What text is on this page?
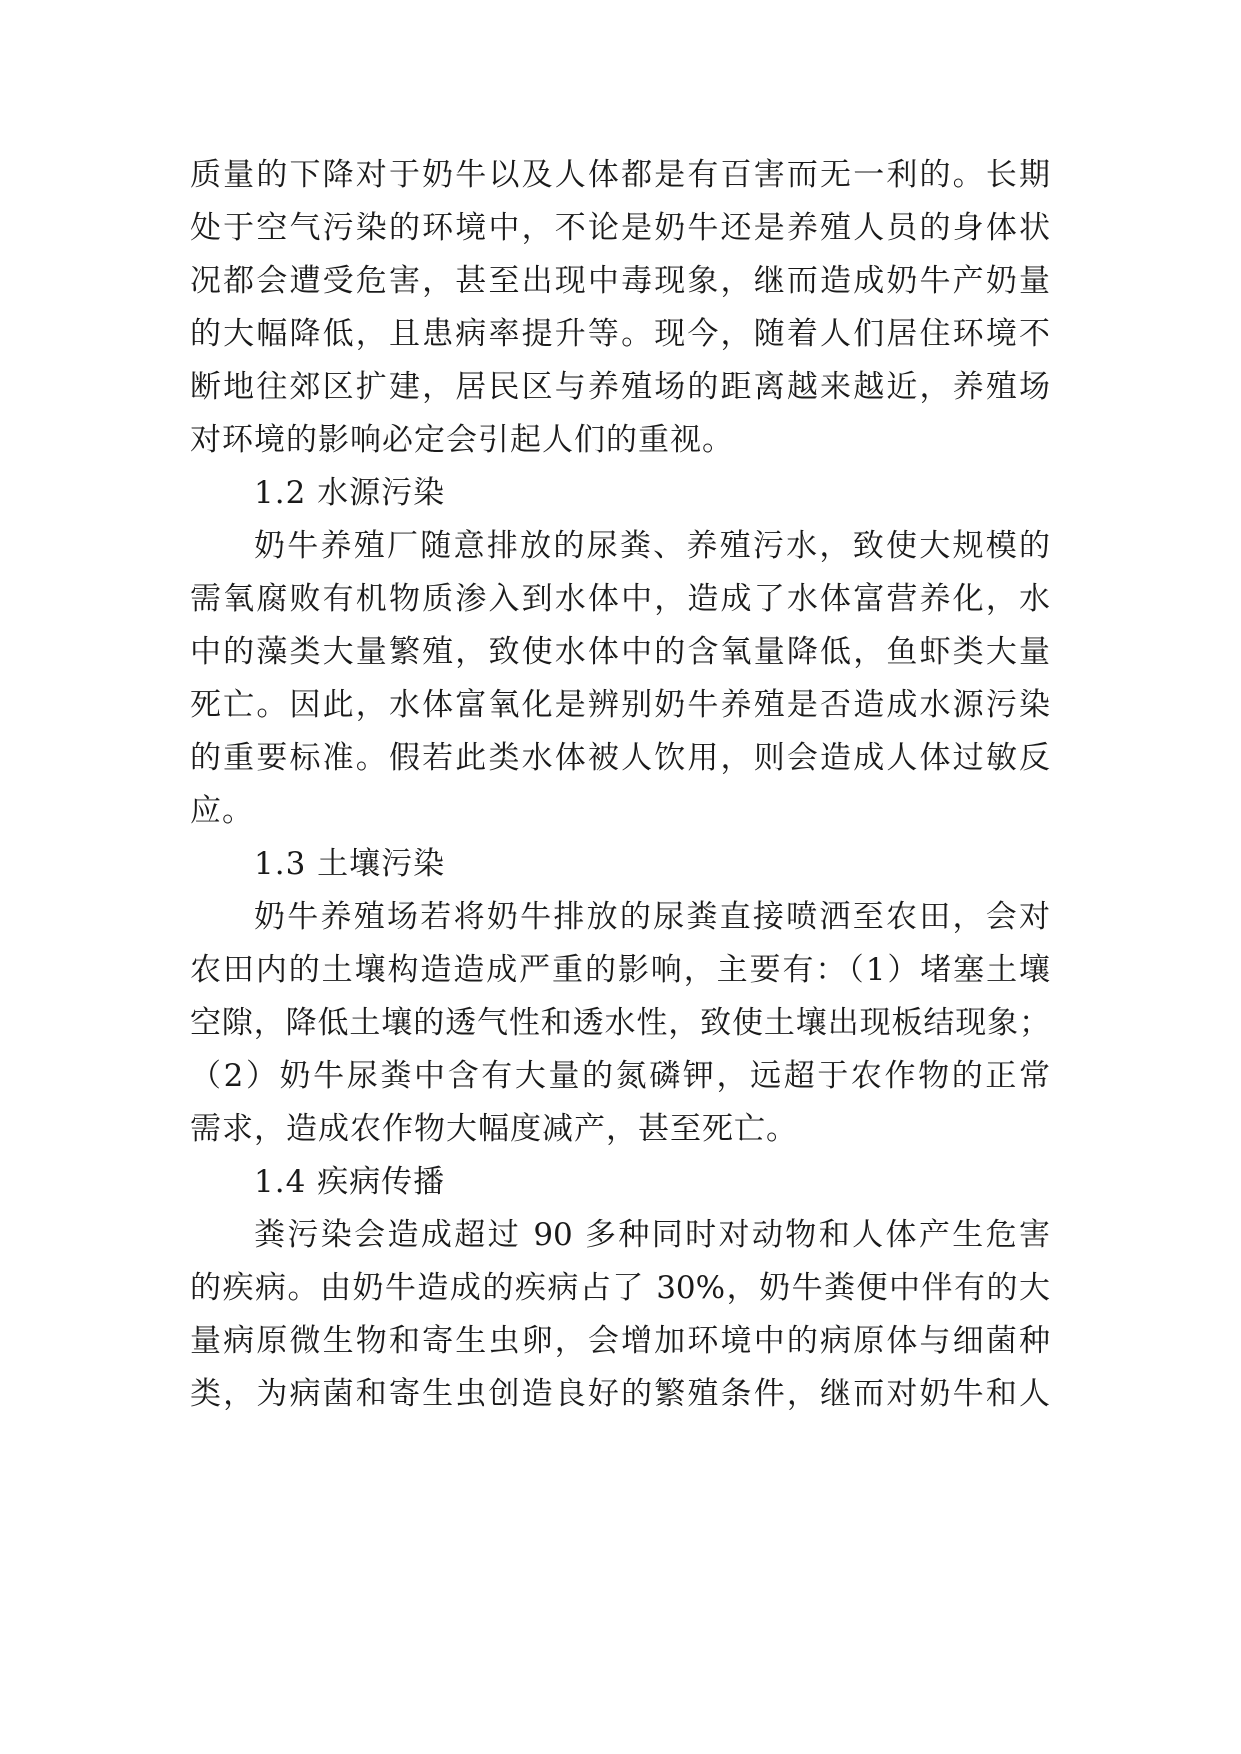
质量的下降对于奶牛以及人体都是有百害而无一利的。长期
处于空气污染的环境中，不论是奶牛还是养殖人员的身体状
况都会遭受危害，甚至出现中毒现象，继而造成奶牛产奶量
的大幅降低，且患病率提升等。现今，随着人们居住环境不
断地往郊区扩建，居民区与养殖场的距离越来越近，养殖场
对环境的影响必定会引起人们的重视。
1.2 水源污染
奶牛养殖厂随意排放的尿粪、养殖污水，致使大规模的
需氧腐败有机物质渗入到水体中，造成了水体富营养化，水
中的藻类大量繁殖，致使水体中的含氧量降低，鱼虾类大量
死亡。因此，水体富氧化是辨别奶牛养殖是否造成水源污染
的重要标准。假若此类水体被人饮用，则会造成人体过敏反
应。
1.3 土壤污染
奶牛养殖场若将奶牛排放的尿粪直接喷洒至农田，会对
农田内的土壤构造造成严重的影响，主要有：（1）堵塞土壤
空隙，降低土壤的透气性和透水性，致使土壤出现板结现象；
（2）奶牛尿粪中含有大量的氮磷钾，远超于农作物的正常
需求，造成农作物大幅度减产，甚至死亡。
1.4 疾病传播
粪污染会造成超过 90 多种同时对动物和人体产生危害
的疾病。由奶牛造成的疾病占了 30%，奶牛粪便中伴有的大
量病原微生物和寄生虫卵，会增加环境中的病原体与细菌种
类，为病菌和寄生虫创造良好的繁殖条件，继而对奶牛和人
